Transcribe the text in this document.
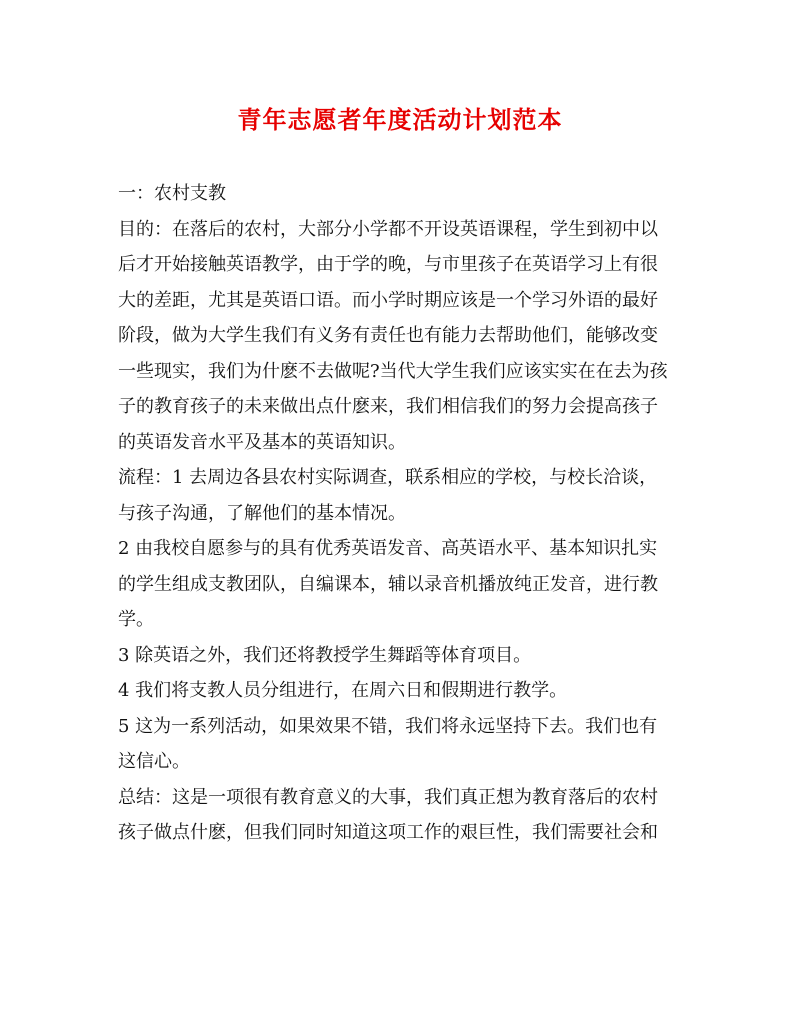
青年志愿者年度活动计划范本
一：农村支教
目的：在落后的农村，大部分小学都不开设英语课程，学生到初中以
后才开始接触英语教学，由于学的晚，与市里孩子在英语学习上有很
大的差距，尤其是英语口语。而小学时期应该是一个学习外语的最好
阶段，做为大学生我们有义务有责任也有能力去帮助他们，能够改变
一些现实，我们为什麽不去做呢?当代大学生我们应该实实在在去为孩
子的教育孩子的未来做出点什麽来，我们相信我们的努力会提高孩子
的英语发音水平及基本的英语知识。
流程：1 去周边各县农村实际调查，联系相应的学校，与校长洽谈，
与孩子沟通，了解他们的基本情况。
2 由我校自愿参与的具有优秀英语发音、高英语水平、基本知识扎实
的学生组成支教团队，自编课本，辅以录音机播放纯正发音，进行教
学。
3 除英语之外，我们还将教授学生舞蹈等体育项目。
4 我们将支教人员分组进行，在周六日和假期进行教学。
5 这为一系列活动，如果效果不错，我们将永远坚持下去。我们也有
这信心。
总结：这是一项很有教育意义的大事，我们真正想为教育落后的农村
孩子做点什麽，但我们同时知道这项工作的艰巨性，我们需要社会和
